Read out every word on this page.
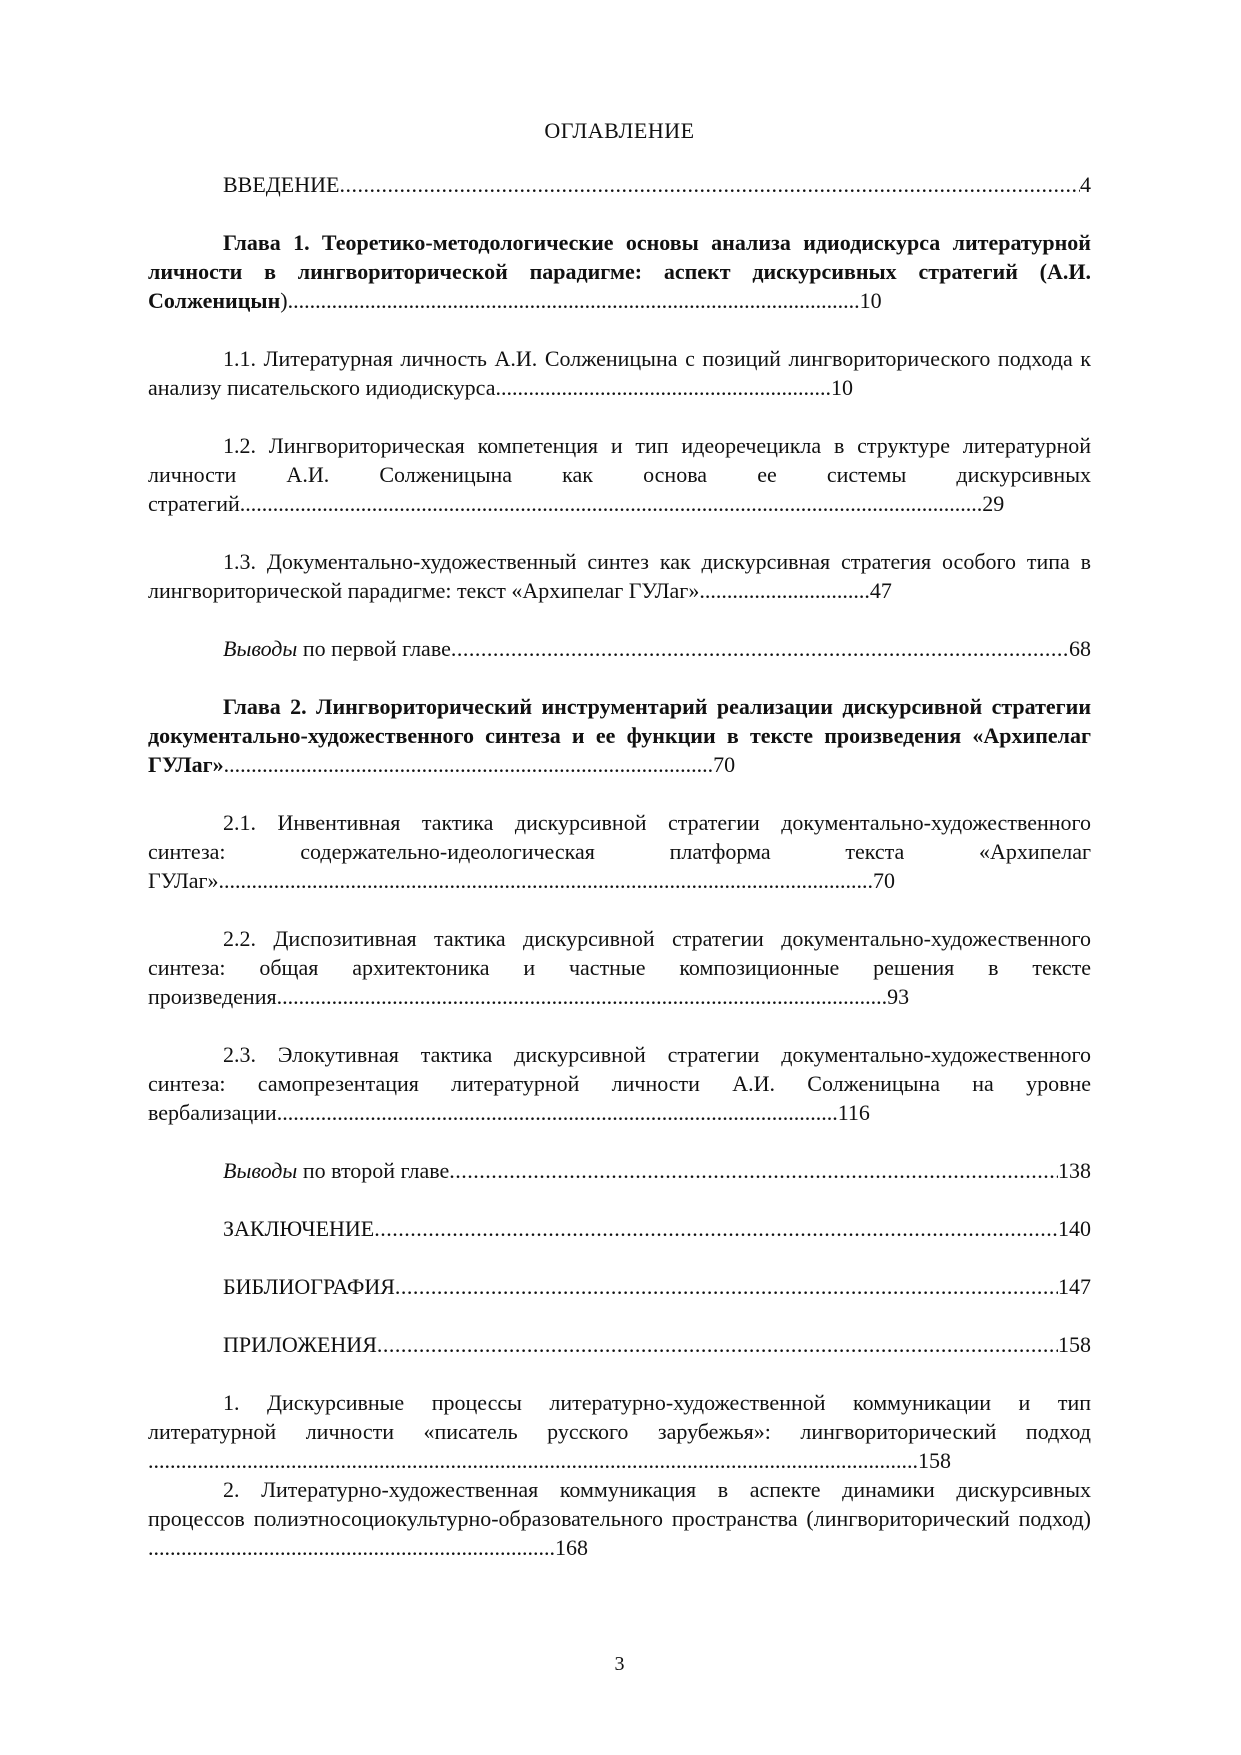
ОГЛАВЛЕНИЕ
ВВЕДЕНИЕ .....	4
Глава 1. Теоретико-методологические основы анализа идиодискурса литературной личности в лингвориторической парадигме: аспект дискурсивных стратегий (А.И. Солженицын)........................................................................................................10
1.1. Литературная личность А.И. Солженицына с позиций лингвориторического подхода к анализу писательского идиодискурса.............................................................10
1.2. Лингвориторическая компетенция и тип идеоречецикла в структуре литературной личности А.И. Солженицына как основа ее системы дискурсивных стратегий.......................................................................................................................................29
1.3. Документально-художественный синтез как дискурсивная стратегия особого типа в лингвориторической парадигме: текст «Архипелаг ГУЛаг»...............................47
Выводы по первой главе .....	68
Глава 2. Лингвориторический инструментарий реализации дискурсивной стратегии документально-художественного синтеза и ее функции в тексте произведения «Архипелаг ГУЛаг».........................................................................................70
2.1. Инвентивная тактика дискурсивной стратегии документально-художественного синтеза: содержательно-идеологическая платформа текста «Архипелаг ГУЛаг».......................................................................................................................70
2.2. Диспозитивная тактика дискурсивной стратегии документально-художественного синтеза: общая архитектоника и частные композиционные решения в тексте произведения...............................................................................................................93
2.3. Элокутивная тактика дискурсивной стратегии документально-художественного синтеза: самопрезентация литературной личности А.И. Солженицына на уровне вербализации......................................................................................................116
Выводы по второй главе .....	138
ЗАКЛЮЧЕНИЕ .....	140
БИБЛИОГРАФИЯ .....	147
ПРИЛОЖЕНИЯ .....	158
1. Дискурсивные процессы литературно-художественной коммуникации и тип литературной личности «писатель русского зарубежья»: лингвориторический подход ............................................................................................................................................158
2. Литературно-художественная коммуникация в аспекте динамики дискурсивных процессов полиэтносоциокультурно-образовательного пространства (лингвориторический подход) ..........................................................................168
3
